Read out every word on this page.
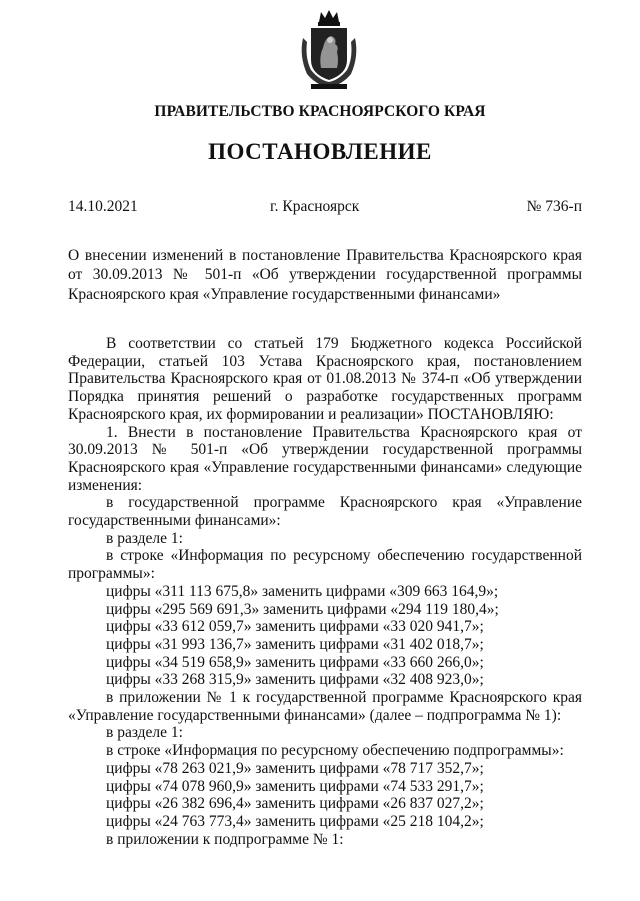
ПРАВИТЕЛЬСТВО КРАСНОЯРСКОГО КРАЯ
ПОСТАНОВЛЕНИЕ
14.10.2021	г. Красноярск	№ 736-п
О внесении изменений в постановление Правительства Красноярского края от 30.09.2013 № 501-п «Об утверждении государственной программы Красноярского края «Управление государственными финансами»

В соответствии со статьей 179 Бюджетного кодекса Российской Федерации, статьей 103 Устава Красноярского края, постановлением Правительства Красноярского края от 01.08.2013 № 374-п «Об утверждении Порядка принятия решений о разработке государственных программ Красноярского края, их формировании и реализации» ПОСТАНОВЛЯЮ:

1. Внести в постановление Правительства Красноярского края от 30.09.2013 № 501-п «Об утверждении государственной программы Красноярского края «Управление государственными финансами» следующие изменения:

в государственной программе Красноярского края «Управление государственными финансами»:

в разделе 1:

в строке «Информация по ресурсному обеспечению государственной программы»:

цифры «311 113 675,8» заменить цифрами «309 663 164,9»;

цифры «295 569 691,3» заменить цифрами «294 119 180,4»;

цифры «33 612 059,7» заменить цифрами «33 020 941,7»;

цифры «31 993 136,7» заменить цифрами «31 402 018,7»;

цифры «34 519 658,9» заменить цифрами «33 660 266,0»;

цифры «33 268 315,9» заменить цифрами «32 408 923,0»;

в приложении № 1 к государственной программе Красноярского края «Управление государственными финансами» (далее – подпрограмма № 1):

в разделе 1:

в строке «Информация по ресурсному обеспечению подпрограммы»:

цифры «78 263 021,9» заменить цифрами «78 717 352,7»;

цифры «74 078 960,9» заменить цифрами «74 533 291,7»;

цифры «26 382 696,4» заменить цифрами «26 837 027,2»;

цифры «24 763 773,4» заменить цифрами «25 218 104,2»;

в приложении к подпрограмме № 1:
